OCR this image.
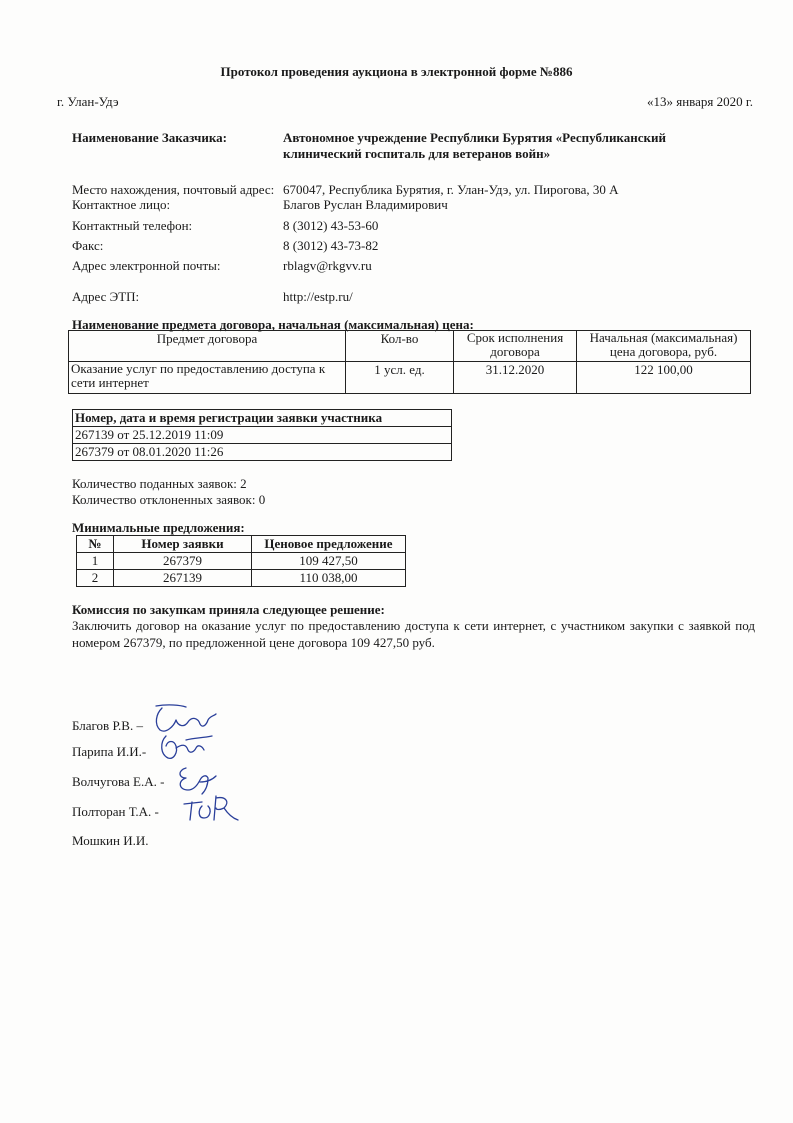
Протокол проведения аукциона в электронной форме №886
г. Улан-Удэ	«13» января 2020 г.
Наименование Заказчика:	Автономное учреждение Республики Бурятия «Республиканский
клинический госпиталь для ветеранов войн»
Место нахождения, почтовый адрес: 670047, Республика Бурятия, г. Улан-Удэ, ул. Пирогова, 30 А
Контактное лицо:	Благов Руслан Владимирович
Контактный телефон:	8 (3012) 43-53-60
Факс:	8 (3012) 43-73-82
Адрес электронной почты:	rblagv@rkgvv.ru
Адрес ЭТП:	http://estp.ru/
Наименование предмета договора, начальная (максимальная) цена:
Предмет договора	Кол-во	Срок исполнения договора	Начальная (максимальная) цена договора, руб.
Оказание услуг по предоставлению доступа к сети интернет	1 усл. ед.	31.12.2020	122 100,00
Номер, дата и время регистрации заявки участника
267139 от 25.12.2019 11:09
267379 от 08.01.2020 11:26
Количество поданных заявок: 2
Количество отклоненных заявок: 0
Минимальные предложения:
№	Номер заявки	Ценовое предложение
1	267379	109 427,50
2	267139	110 038,00
Комиссия по закупкам приняла следующее решение:
Заключить договор на оказание услуг по предоставлению доступа к сети интернет, с участником закупки с заявкой под номером 267379, по предложенной цене договора 109 427,50 руб.
Благов Р.В. –
Парипа И.И.-
Волчугова Е.А. -
Полторан Т.А. -
Мошкин И.И.
